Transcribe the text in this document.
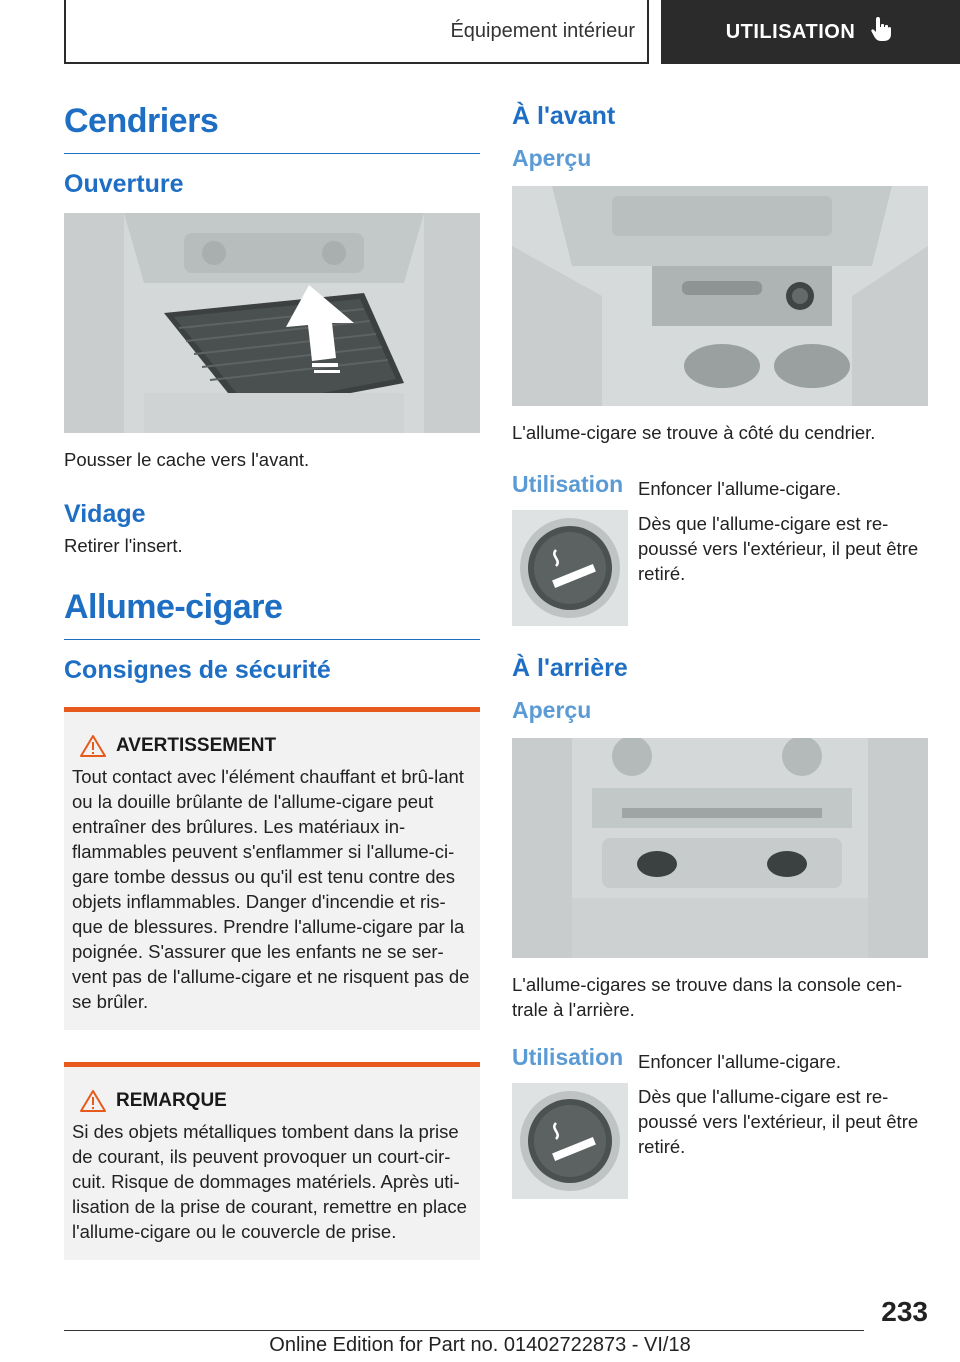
Équipement intérieur	UTILISATION
Cendriers
Ouverture

Pousser le cache vers l'avant.

Vidage

Retirer l'insert.

Allume-cigare
Consignes de sécurité
AVERTISSEMENT

Tout contact avec l'élément chauffant et brû-lant ou la douille brûlante de l'allume-cigare peut entraîner des brûlures. Les matériaux in-flammables peuvent s'enflammer si l'allume-ci-gare tombe dessus ou qu'il est tenu contre des objets inflammables. Danger d'incendie et ris-que de blessures. Prendre l'allume-cigare par la poignée. S'assurer que les enfants ne se ser-vent pas de l'allume-cigare et ne risquent pas de se brûler.

REMARQUE

Si des objets métalliques tombent dans la prise de courant, ils peuvent provoquer un court-cir-cuit. Risque de dommages matériels. Après uti-lisation de la prise de courant, remettre en place l'allume-cigare ou le couvercle de prise.

À l'avant
Aperçu

L'allume-cigare se trouve à côté du cendrier.

Utilisation Enfoncer l'allume-cigare.

Dès que l'allume-cigare est re-poussé vers l'extérieur, il peut être retiré.

À l'arrière
Aperçu

L'allume-cigares se trouve dans la console cen-trale à l'arrière.

Utilisation Enfoncer l'allume-cigare.

Dès que l'allume-cigare est re-poussé vers l'extérieur, il peut être retiré.

233
Online Edition for Part no. 01402722873 - VI/18
